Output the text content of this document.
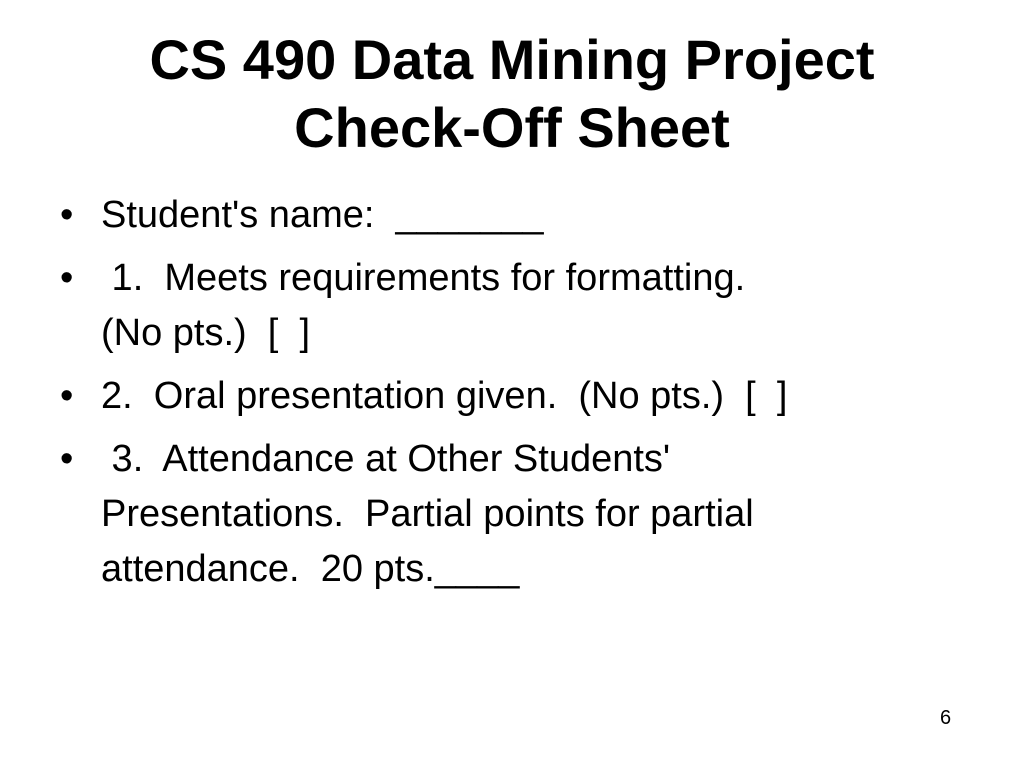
CS 490 Data Mining Project
Check-Off Sheet
• Student's name:  _______
• 1.  Meets requirements for formatting.
(No pts.)  [  ]
• 2.  Oral presentation given.  (No pts.)  [  ]
• 3.  Attendance at Other Students'
Presentations.  Partial points for partial
attendance.  20 pts.____
6
